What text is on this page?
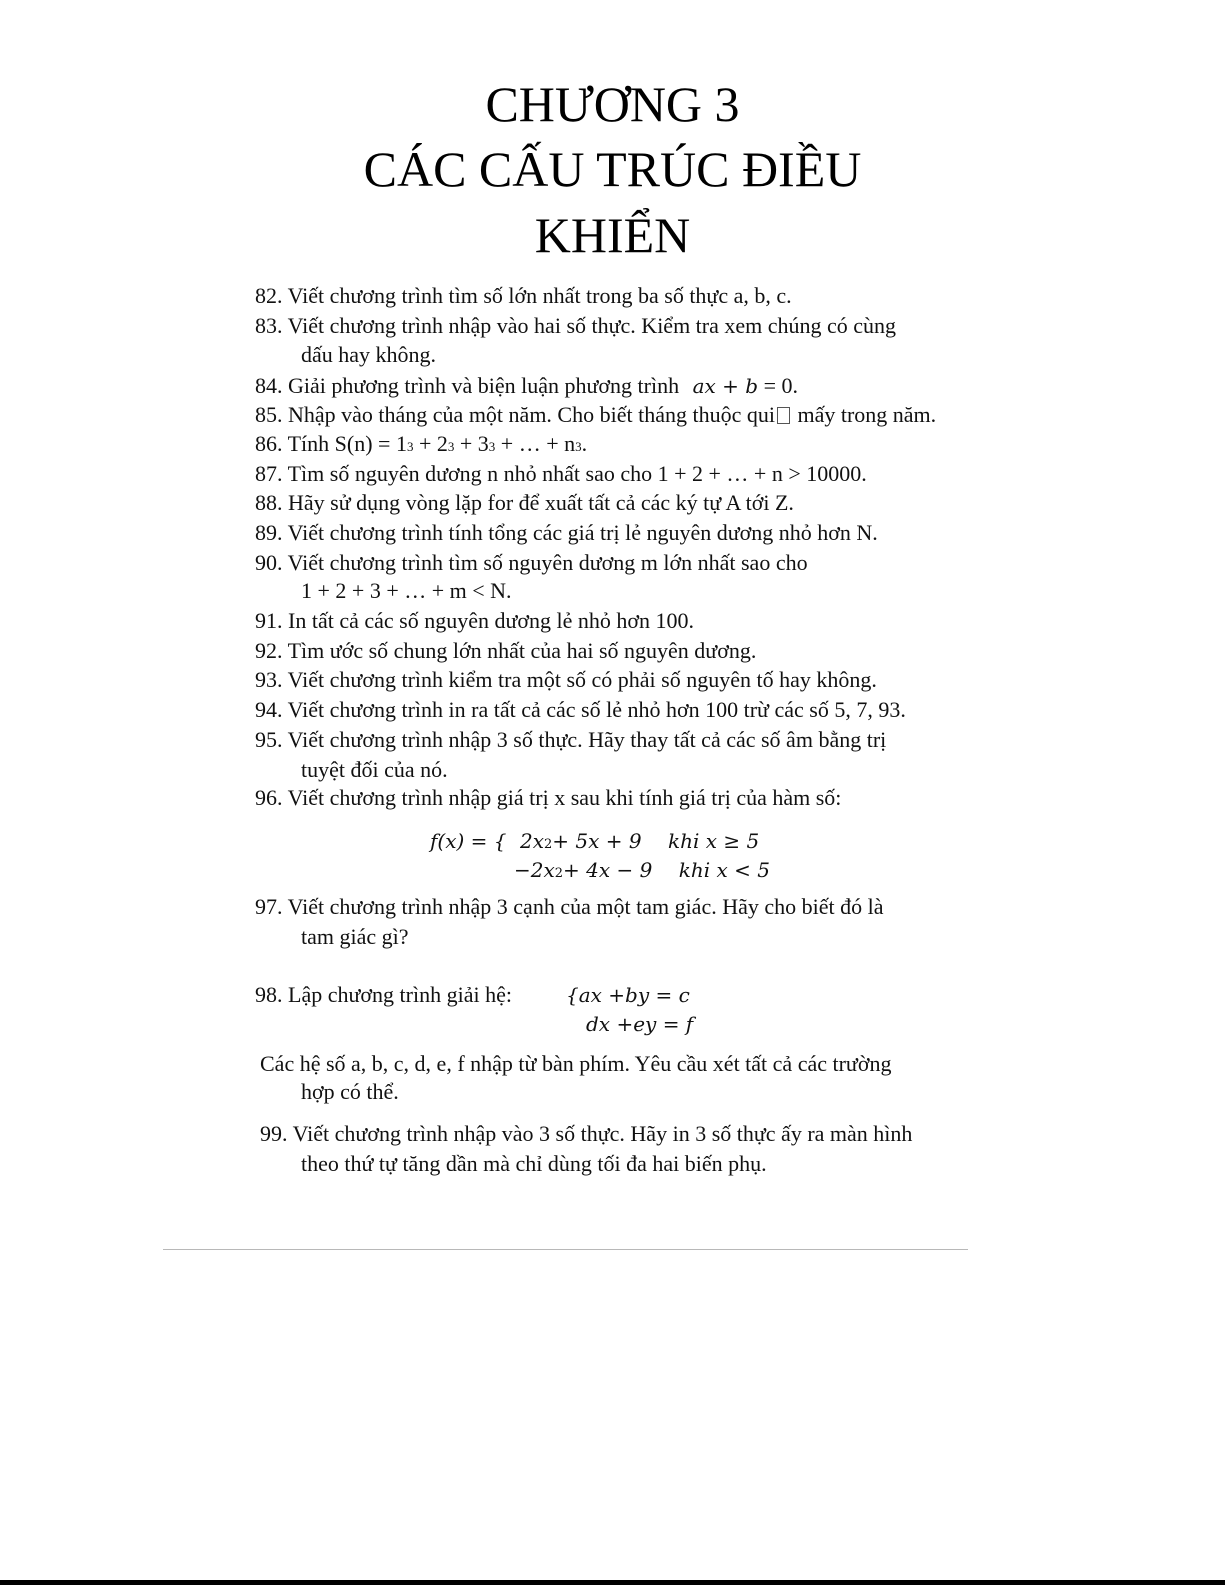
CHƯƠNG 3
CÁC CẤU TRÚC ĐIỀU
KHIỂN
82. Viết chương trình tìm số lớn nhất trong ba số thực a, b, c.
83. Viết chương trình nhập vào hai số thực. Kiểm tra xem chúng có cùng
dấu hay không.
84. Giải phương trình và biện luận phương trình ax + b = 0.
85. Nhập vào tháng của một năm. Cho biết tháng thuộc qui mấy trong năm.
86. Tính S(n) = 13 + 23 + 33 + … + n3.
87. Tìm số nguyên dương n nhỏ nhất sao cho 1 + 2 + … + n > 10000.
88. Hãy sử dụng vòng lặp for để xuất tất cả các ký tự A tới Z.
89. Viết chương trình tính tổng các giá trị lẻ nguyên dương nhỏ hơn N.
90. Viết chương trình tìm số nguyên dương m lớn nhất sao cho
1 + 2 + 3 + … + m < N.
91. In tất cả các số nguyên dương lẻ nhỏ hơn 100.
92. Tìm ước số chung lớn nhất của hai số nguyên dương.
93. Viết chương trình kiểm tra một số có phải số nguyên tố hay không.
94. Viết chương trình in ra tất cả các số lẻ nhỏ hơn 100 trừ các số 5, 7, 93.
95. Viết chương trình nhập 3 số thực. Hãy thay tất cả các số âm bằng trị
tuyệt đối của nó.
96. Viết chương trình nhập giá trị x sau khi tính giá trị của hàm số:
f(x) = { 2x2+ 5x + 9 khi x ≥ 5
−2x2+ 4x − 9 khi x < 5
97. Viết chương trình nhập 3 cạnh của một tam giác. Hãy cho biết đó là
tam giác gì?
98. Lập chương trình giải hệ:	{ax +by = c
dx +ey = f
Các hệ số a, b, c, d, e, f nhập từ bàn phím. Yêu cầu xét tất cả các trường
hợp có thể.
99. Viết chương trình nhập vào 3 số thực. Hãy in 3 số thực ấy ra màn hình
theo thứ tự tăng dần mà chỉ dùng tối đa hai biến phụ.
